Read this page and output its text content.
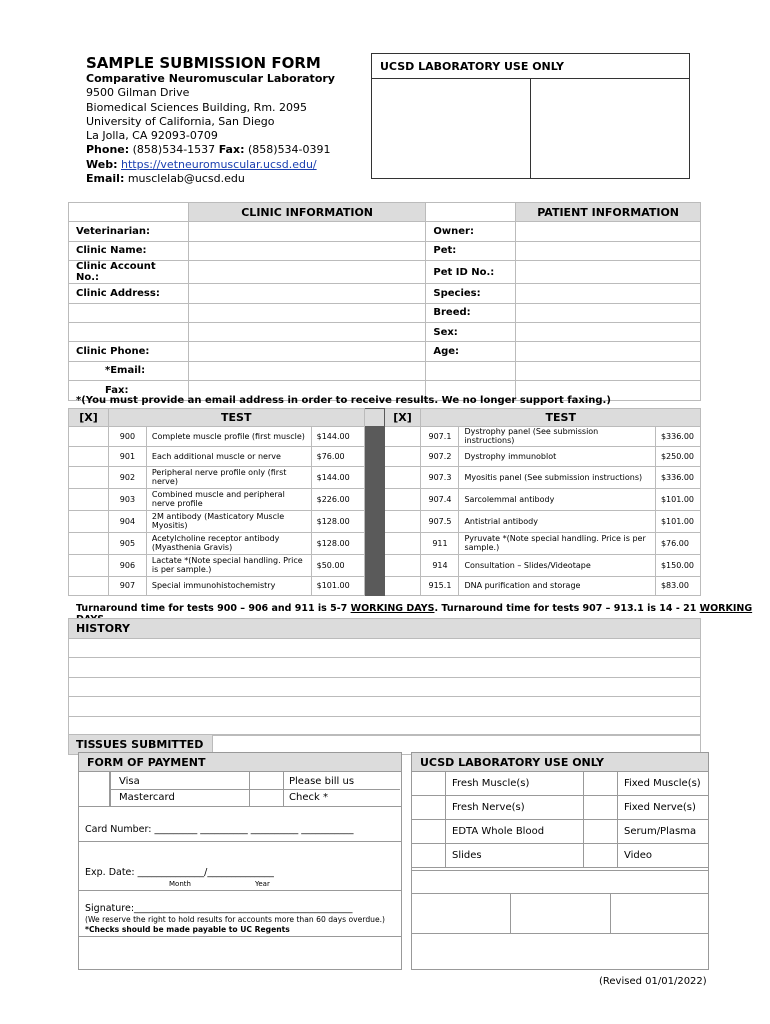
SAMPLE SUBMISSION FORM
Comparative Neuromuscular Laboratory
9500 Gilman Drive
Biomedical Sciences Building, Rm. 2095
University of California, San Diego
La Jolla, CA 92093-0709
Phone: (858)534-1537 Fax: (858)534-0391
Web: https://vetneuromuscular.ucsd.edu/
Email: musclelab@ucsd.edu
UCSD LABORATORY USE ONLY
	CLINIC INFORMATION		PATIENT INFORMATION
Veterinarian:		Owner:	
Clinic Name:		Pet:	
Clinic Account No.:		Pet ID No.:	
Clinic Address:		Species:	
		Breed:	
		Sex:	
Clinic Phone:		Age:	
*Email:			
Fax:			
*(You must provide an email address in order to receive results. We no longer support faxing.)
[X]	TEST				[X]	TEST		
	900	Complete muscle profile (first muscle)	$144.00			907.1	Dystrophy panel (See submission instructions)	$336.00
	901	Each additional muscle or nerve	$76.00			907.2	Dystrophy immunoblot	$250.00
	902	Peripheral nerve profile only (first nerve)	$144.00			907.3	Myositis panel (See submission instructions)	$336.00
	903	Combined muscle and peripheral nerve profile	$226.00			907.4	Sarcolemmal antibody	$101.00
	904	2M antibody (Masticatory Muscle Myositis)	$128.00			907.5	Antistrial antibody	$101.00
	905	Acetylcholine receptor antibody (Myasthenia Gravis)	$128.00			911	Pyruvate *(Note special handling. Price is per sample.)	$76.00
	906	Lactate *(Note special handling. Price is per sample.)	$50.00			914	Consultation – Slides/Videotape	$150.00
	907	Special immunohistochemistry	$101.00			915.1	DNA purification and storage	$83.00
Turnaround time for tests 900 – 906 and 911 is 5-7 WORKING DAYS. Turnaround time for tests 907 – 913.1 is 14 - 21 WORKING
HISTORY
TISSUES SUBMITTED
FORM OF PAYMENT
Visa
Mastercard
Please bill us
Check *
Card Number: _________ __________ __________ ___________
Exp. Date: ______________/______________
Month	Year
Signature:______________________________________________
(We reserve the right to hold results for accounts more than 60 days overdue.)
*Checks should be made payable to UC Regents
UCSD LABORATORY USE ONLY
Fresh Muscle(s)	Fixed Muscle(s)
Fresh Nerve(s)	Fixed Nerve(s)
EDTA Whole Blood	Serum/Plasma
Slides	Video
(Revised 01/01/2022)
